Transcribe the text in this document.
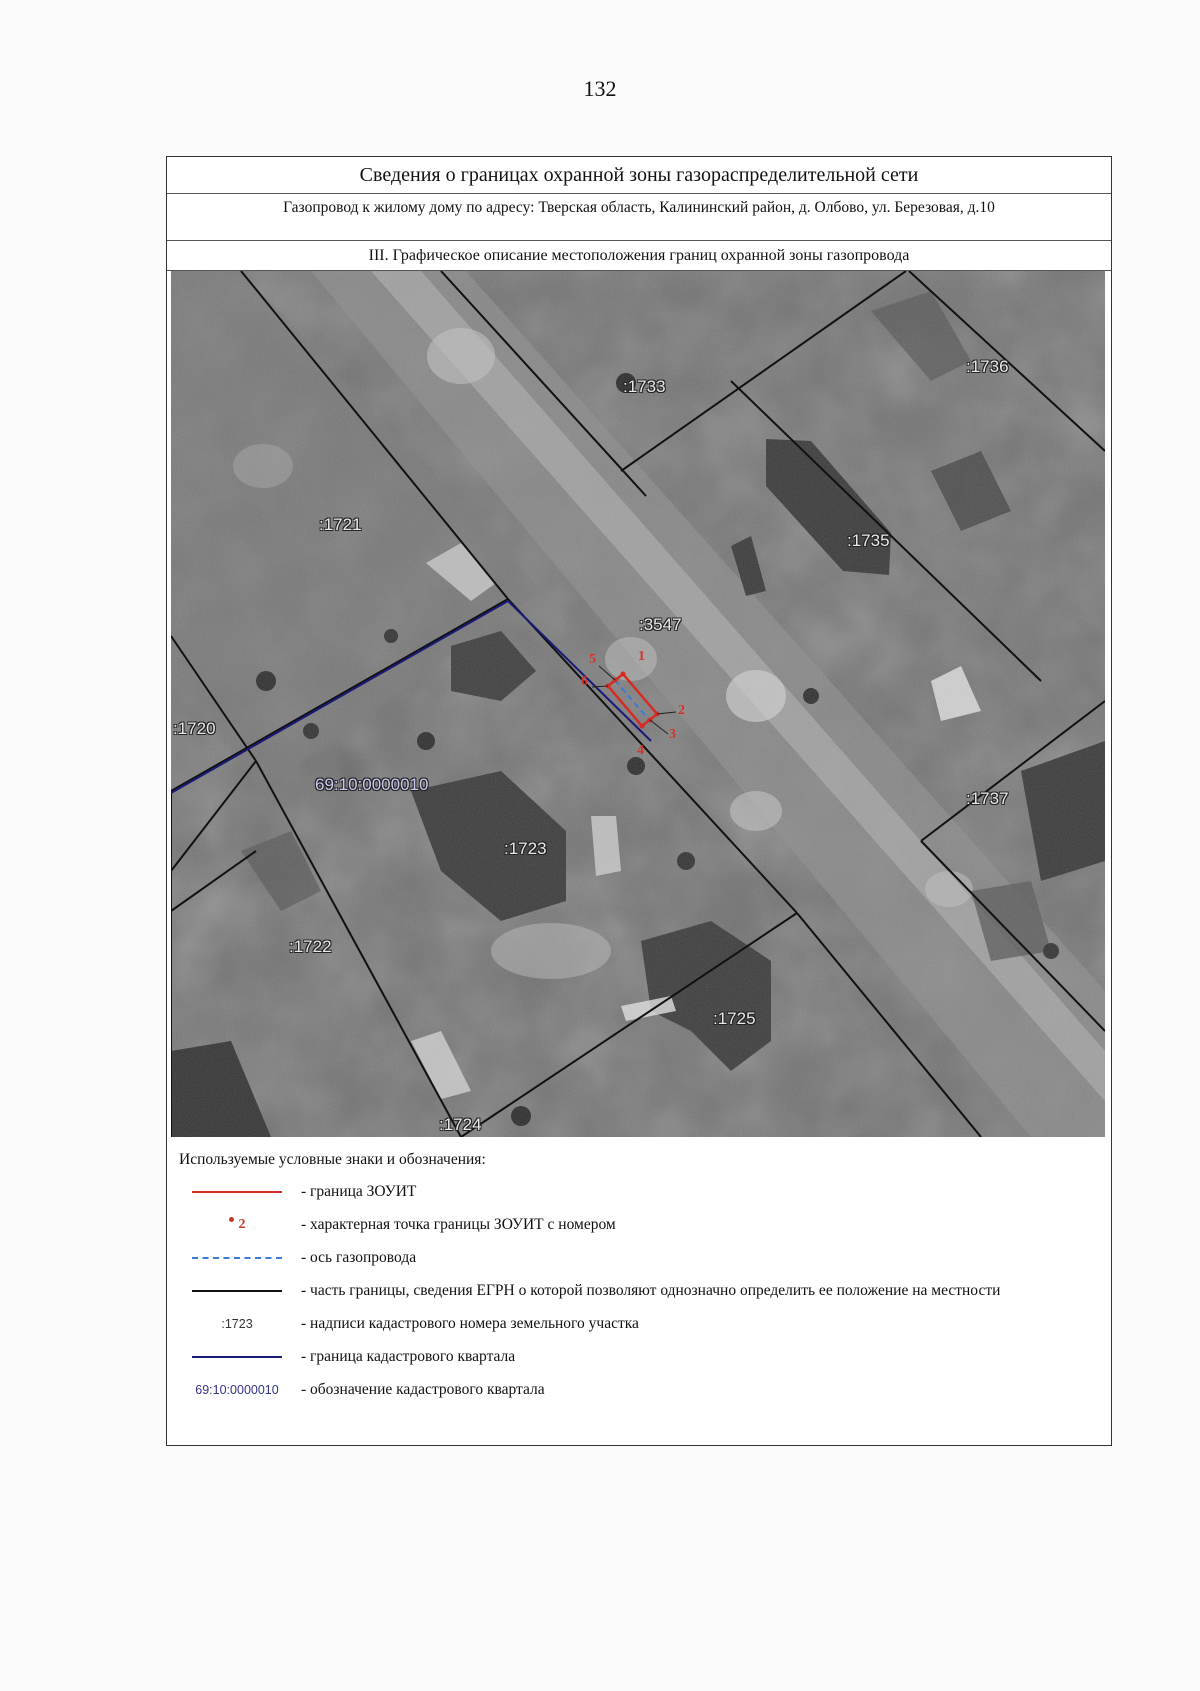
132
Сведения о границах охранной зоны газораспределительной сети
Газопровод к жилому дому по адресу: Тверская область, Калининский район, д. Олбово, ул. Березовая, д.10
III. Графическое описание местоположения границ охранной зоны газопровода
:1733
:1736
:1721
:1735
:3547
:1720
:1737
:1723
:1722
:1725
:1724
69:10:0000010
1
2
3
4
5
6
Используемые условные знаки и обозначения:
- граница ЗОУИТ
2	- характерная точка границы ЗОУИТ с номером
- ось газопровода
- часть границы, сведения ЕГРН о которой позволяют однозначно определить ее положение на местности
:1723	- надписи кадастрового номера земельного участка
- граница кадастрового квартала
69:10:0000010 - обозначение кадастрового квартала
